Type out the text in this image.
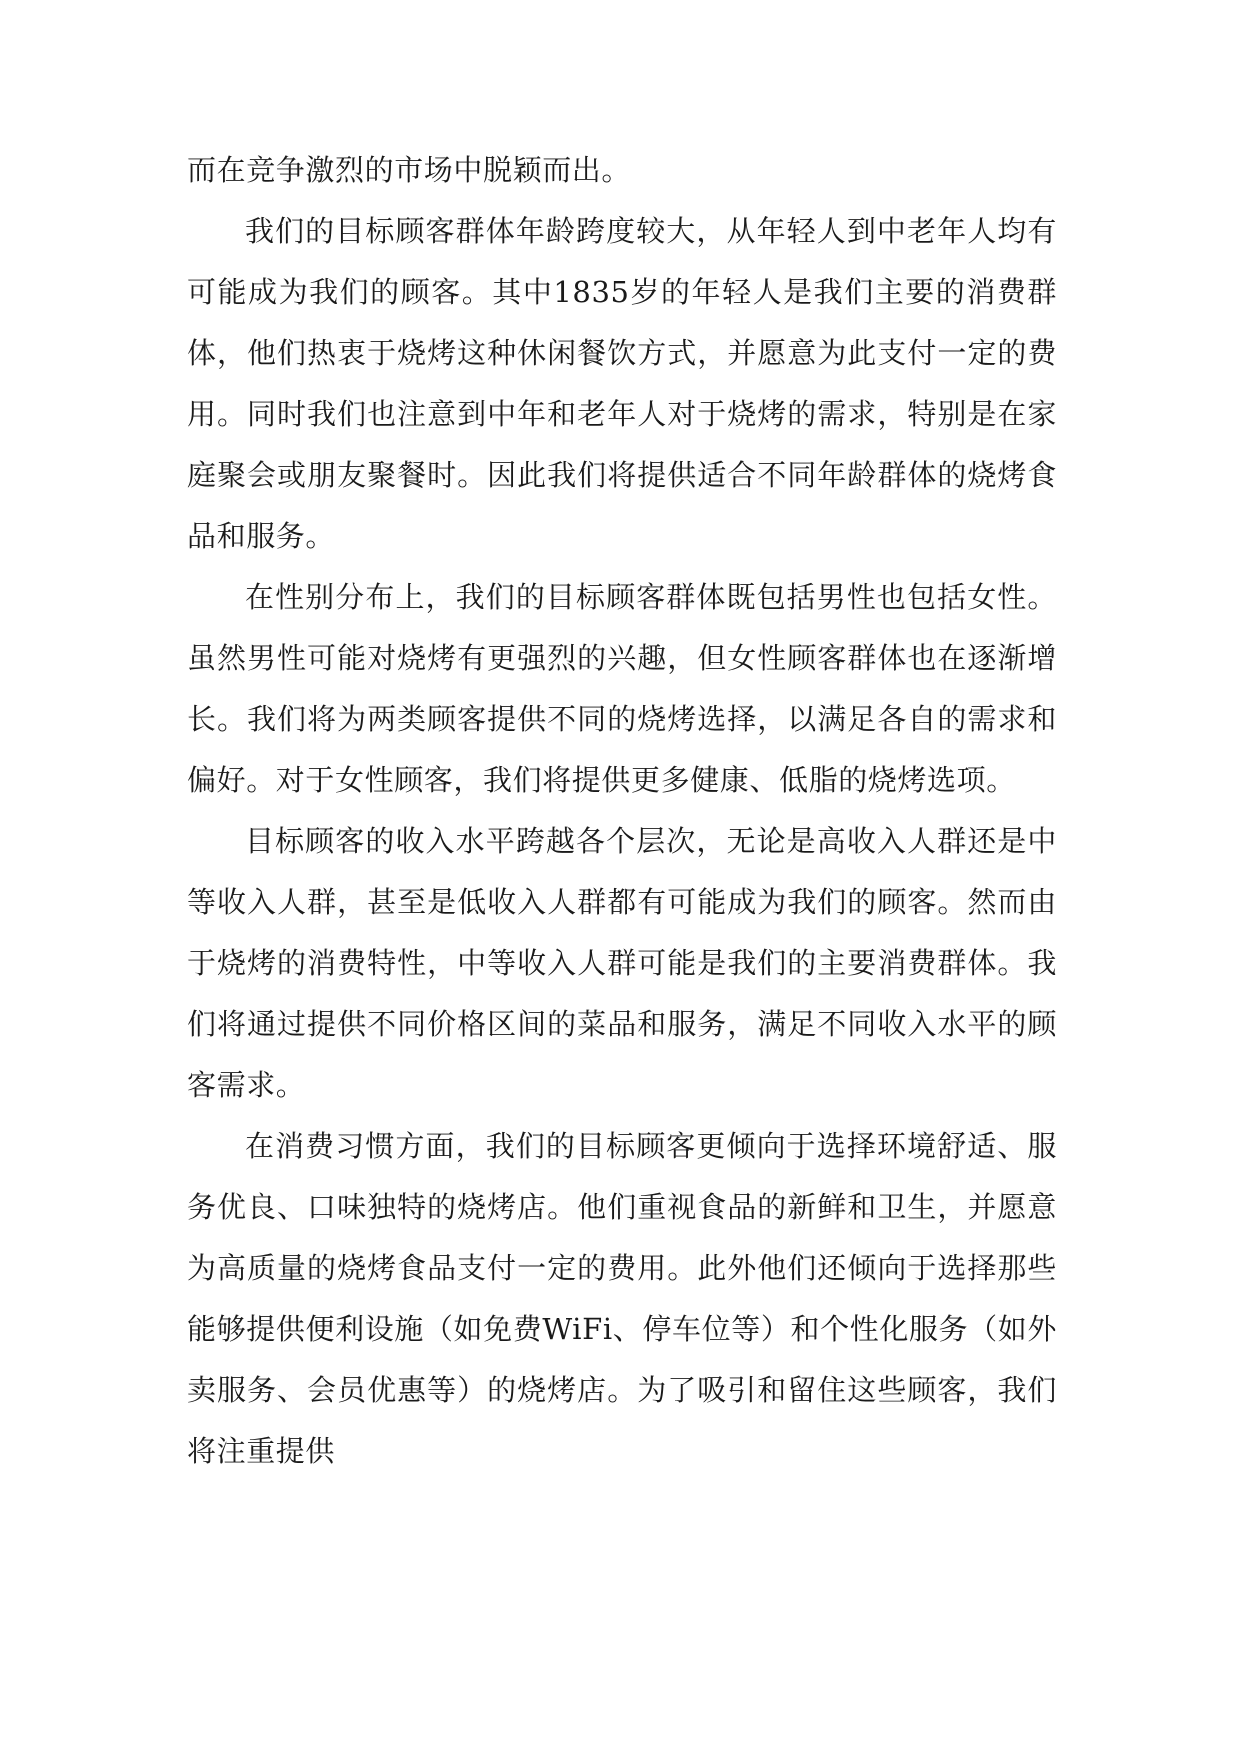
而在竞争激烈的市场中脱颖而出。

我们的目标顾客群体年龄跨度较大，从年轻人到中老年人均有可能成为我们的顾客。其中1835岁的年轻人是我们主要的消费群体，他们热衷于烧烤这种休闲餐饮方式，并愿意为此支付一定的费用。同时我们也注意到中年和老年人对于烧烤的需求，特别是在家庭聚会或朋友聚餐时。因此我们将提供适合不同年龄群体的烧烤食品和服务。

在性别分布上，我们的目标顾客群体既包括男性也包括女性。虽然男性可能对烧烤有更强烈的兴趣，但女性顾客群体也在逐渐增长。我们将为两类顾客提供不同的烧烤选择，以满足各自的需求和偏好。对于女性顾客，我们将提供更多健康、低脂的烧烤选项。

目标顾客的收入水平跨越各个层次，无论是高收入人群还是中等收入人群，甚至是低收入人群都有可能成为我们的顾客。然而由于烧烤的消费特性，中等收入人群可能是我们的主要消费群体。我们将通过提供不同价格区间的菜品和服务，满足不同收入水平的顾客需求。

在消费习惯方面，我们的目标顾客更倾向于选择环境舒适、服务优良、口味独特的烧烤店。他们重视食品的新鲜和卫生，并愿意为高质量的烧烤食品支付一定的费用。此外他们还倾向于选择那些能够提供便利设施（如免费WiFi、停车位等）和个性化服务（如外卖服务、会员优惠等）的烧烤店。为了吸引和留住这些顾客，我们将注重提供
